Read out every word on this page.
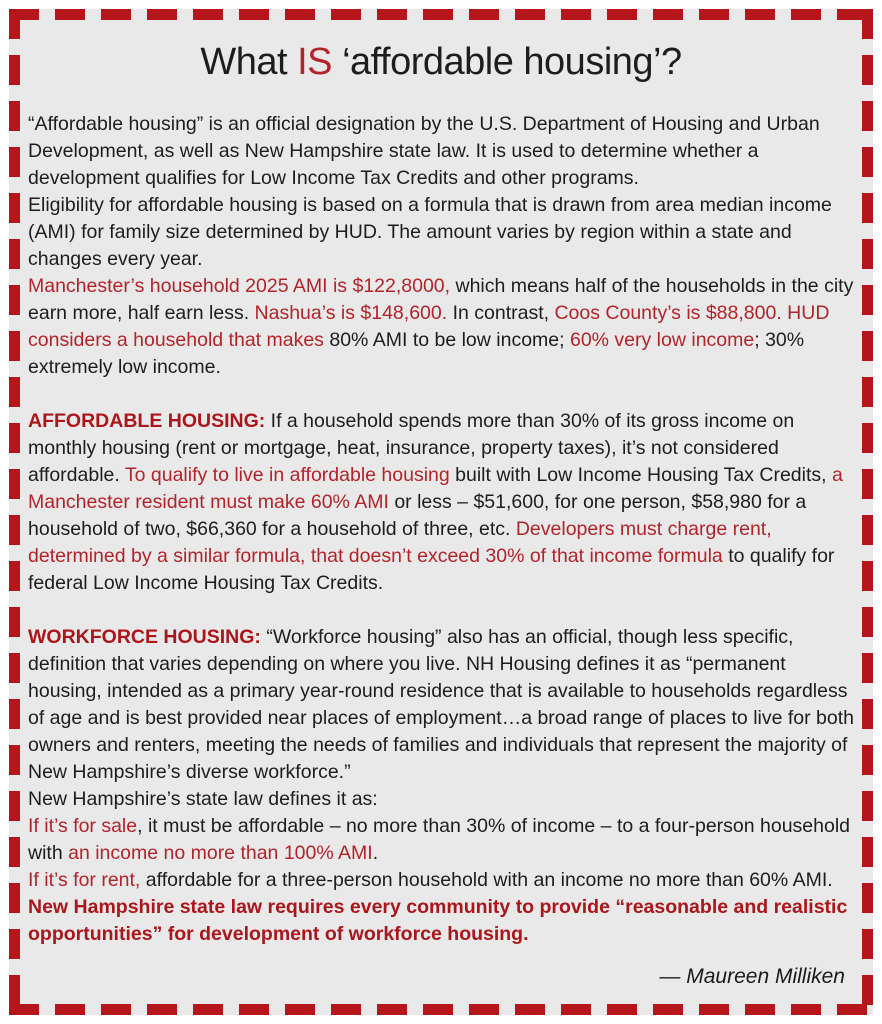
What IS ‘affordable housing’?

“Affordable housing” is an official designation by the U.S. Department of Housing and Urban Development, as well as New Hampshire state law. It is used to determine whether a development qualifies for Low Income Tax Credits and other programs.

Eligibility for affordable housing is based on a formula that is drawn from area median income (AMI) for family size determined by HUD. The amount varies by region within a state and changes every year.

Manchester’s household 2025 AMI is $122,8000, which means half of the households in the city earn more, half earn less. Nashua’s is $148,600. In contrast, Coos County’s is $88,800. HUD considers a household that makes 80% AMI to be low income; 60% very low income; 30% extremely low income.

AFFORDABLE HOUSING: If a household spends more than 30% of its gross income on monthly housing (rent or mortgage, heat, insurance, property taxes), it’s not considered affordable. To qualify to live in affordable housing built with Low Income Housing Tax Credits, a Manchester resident must make 60% AMI or less – $51,600, for one person, $58,980 for a household of two, $66,360 for a household of three, etc. Developers must charge rent, determined by a similar formula, that doesn’t exceed 30% of that income formula to qualify for federal Low Income Housing Tax Credits.

WORKFORCE HOUSING: “Workforce housing” also has an official, though less specific, definition that varies depending on where you live. NH Housing defines it as “permanent housing, intended as a primary year-round residence that is available to households regardless of age and is best provided near places of employment…a broad range of places to live for both owners and renters, meeting the needs of families and individuals that represent the majority of New Hampshire’s diverse workforce.”

New Hampshire’s state law defines it as:

If it’s for sale, it must be affordable – no more than 30% of income – to a four-person household with an income no more than 100% AMI.

If it’s for rent, affordable for a three-person household with an income no more than 60% AMI.

New Hampshire state law requires every community to provide “reasonable and realistic opportunities” for development of workforce housing.

— Maureen Milliken
